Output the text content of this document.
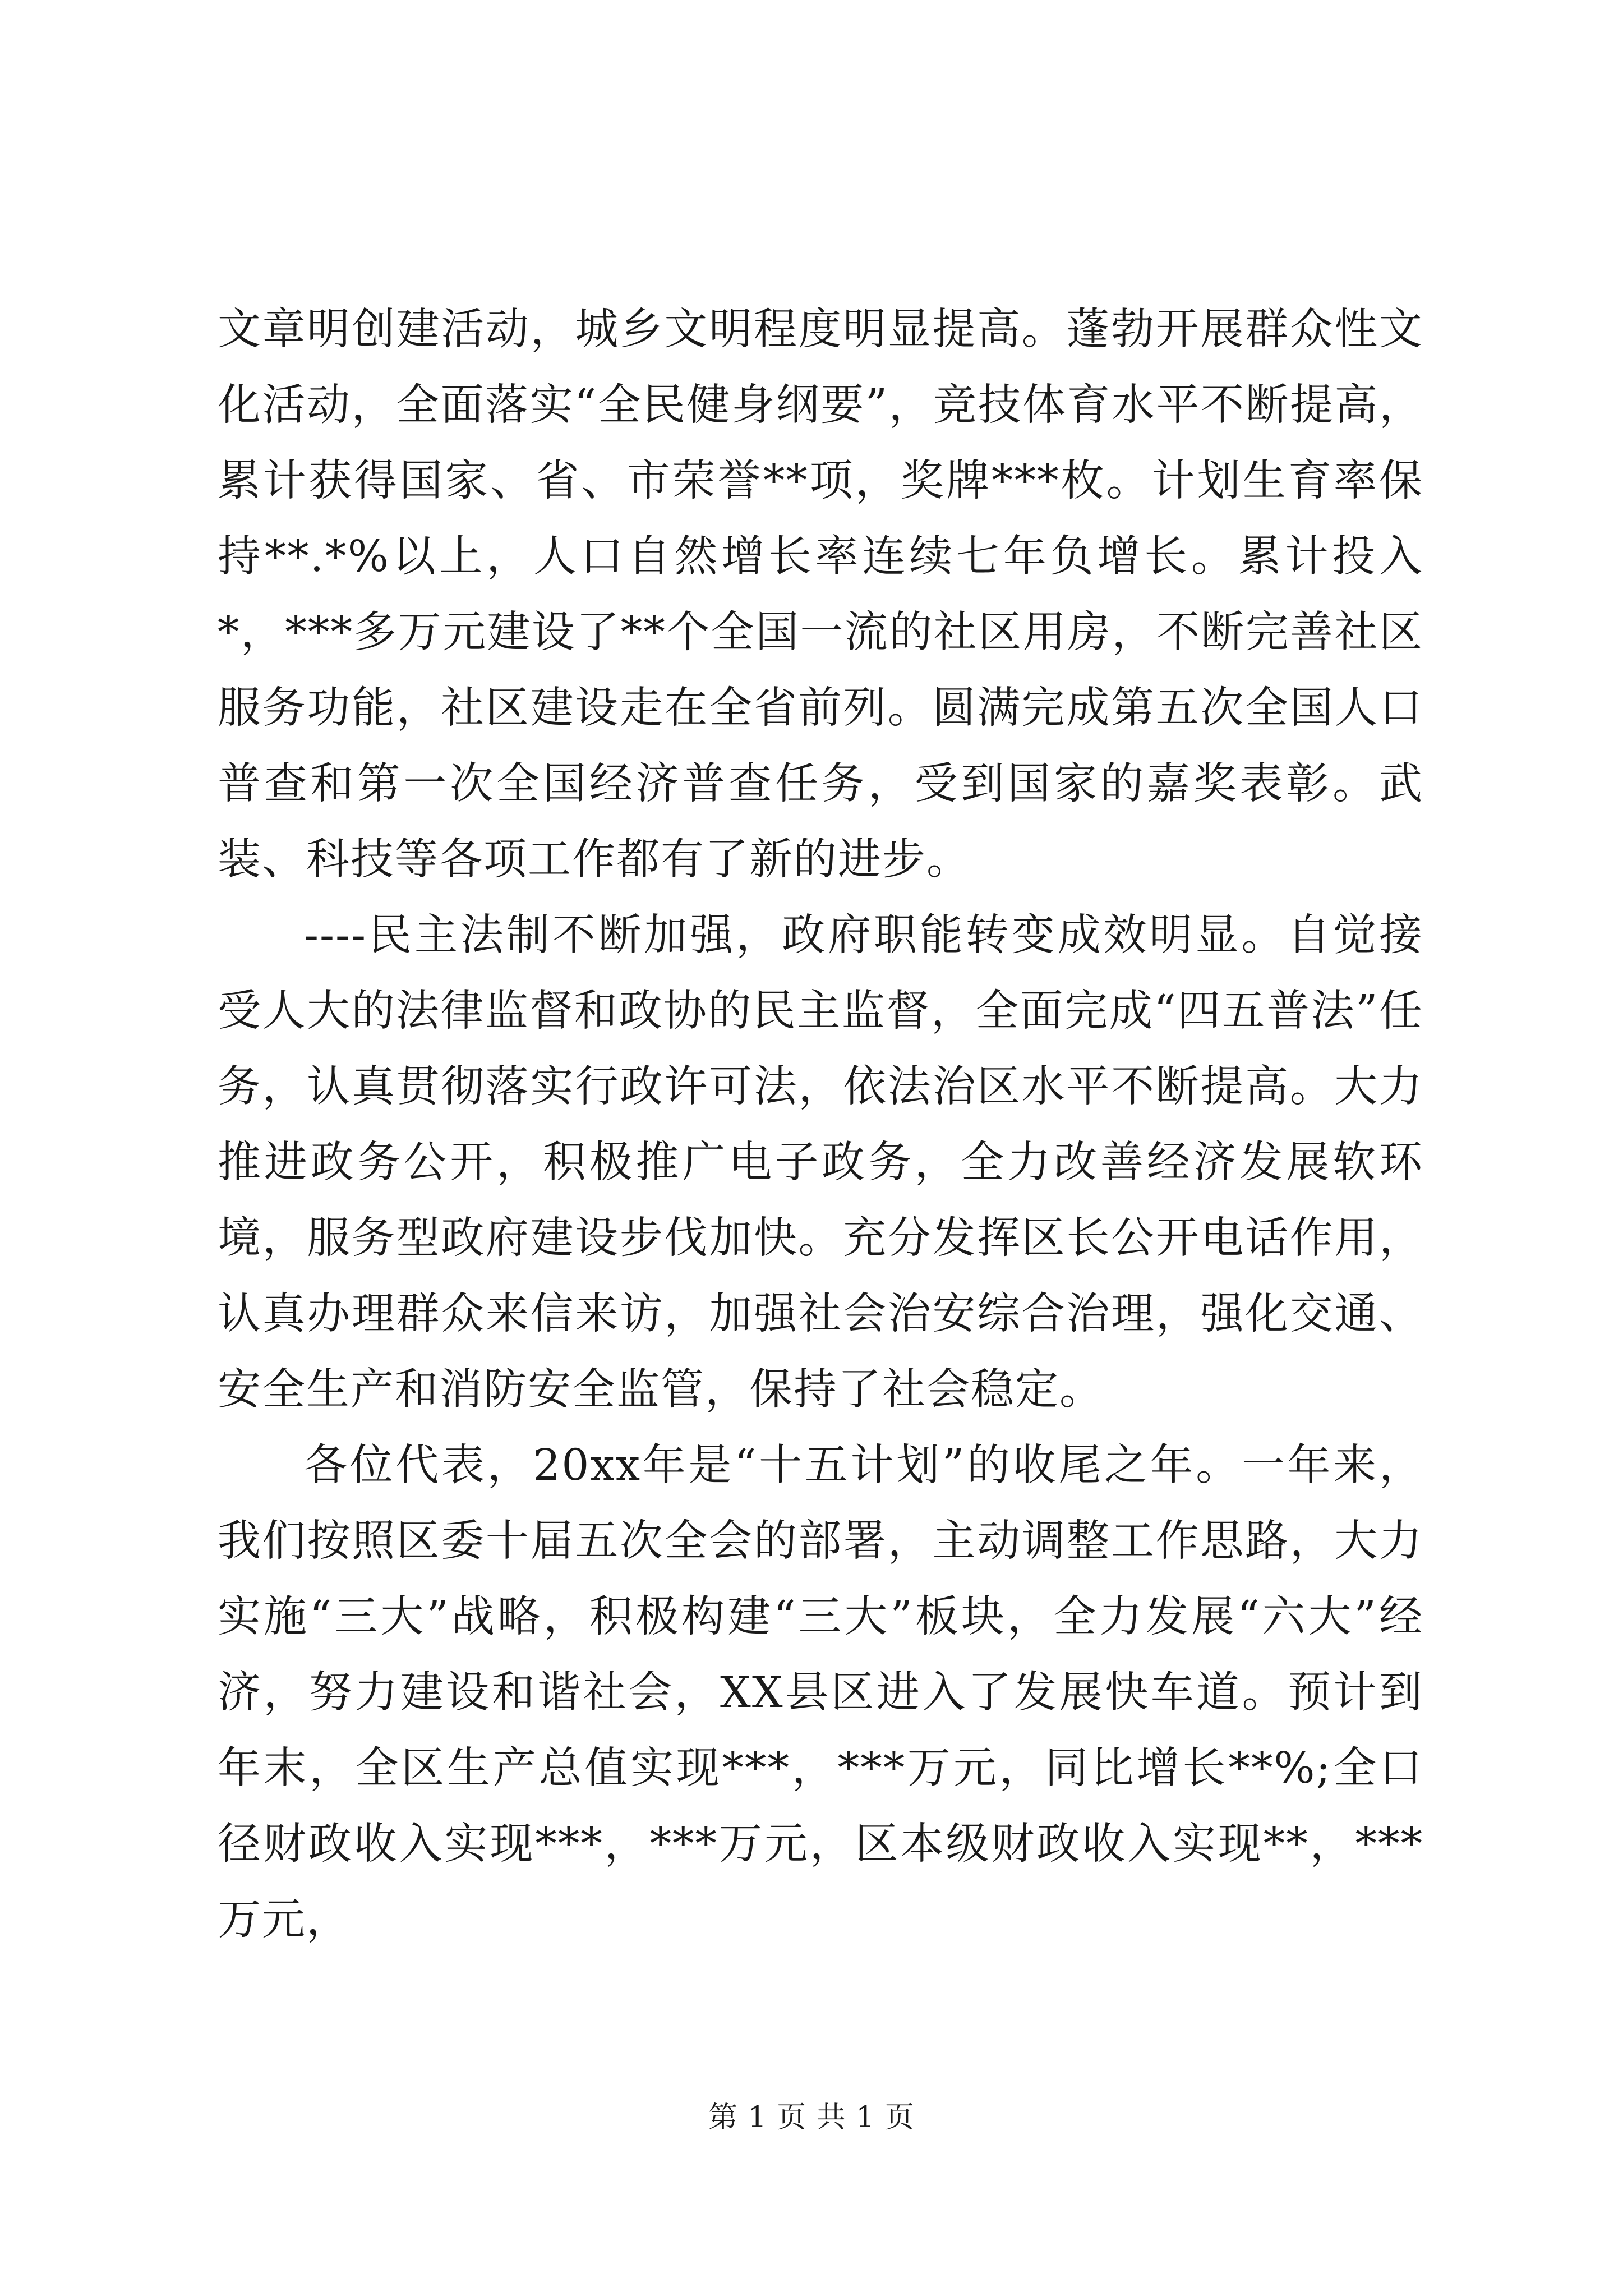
文章明创建活动，城乡文明程度明显提高。蓬勃开展群众性文化活动，全面落实“全民健身纲要”，竞技体育水平不断提高，累计获得国家、省、市荣誉**项，奖牌***枚。计划生育率保持**.*%以上，人口自然增长率连续七年负增长。累计投入*，***多万元建设了**个全国一流的社区用房，不断完善社区服务功能，社区建设走在全省前列。圆满完成第五次全国人口普查和第一次全国经济普查任务，受到国家的嘉奖表彰。武装、科技等各项工作都有了新的进步。

----民主法制不断加强，政府职能转变成效明显。自觉接受人大的法律监督和政协的民主监督，全面完成“四五普法”任务，认真贯彻落实行政许可法，依法治区水平不断提高。大力推进政务公开，积极推广电子政务，全力改善经济发展软环境，服务型政府建设步伐加快。充分发挥区长公开电话作用，认真办理群众来信来访，加强社会治安综合治理，强化交通、安全生产和消防安全监管，保持了社会稳定。

各位代表，20xx年是“十五计划”的收尾之年。一年来，我们按照区委十届五次全会的部署，主动调整工作思路，大力实施“三大”战略，积极构建“三大”板块，全力发展“六大”经济，努力建设和谐社会，XX县区进入了发展快车道。预计到年末，全区生产总值实现***，***万元，同比增长**%;全口径财政收入实现***，***万元，区本级财政收入实现**，***万元，

第 1 页 共 1 页
